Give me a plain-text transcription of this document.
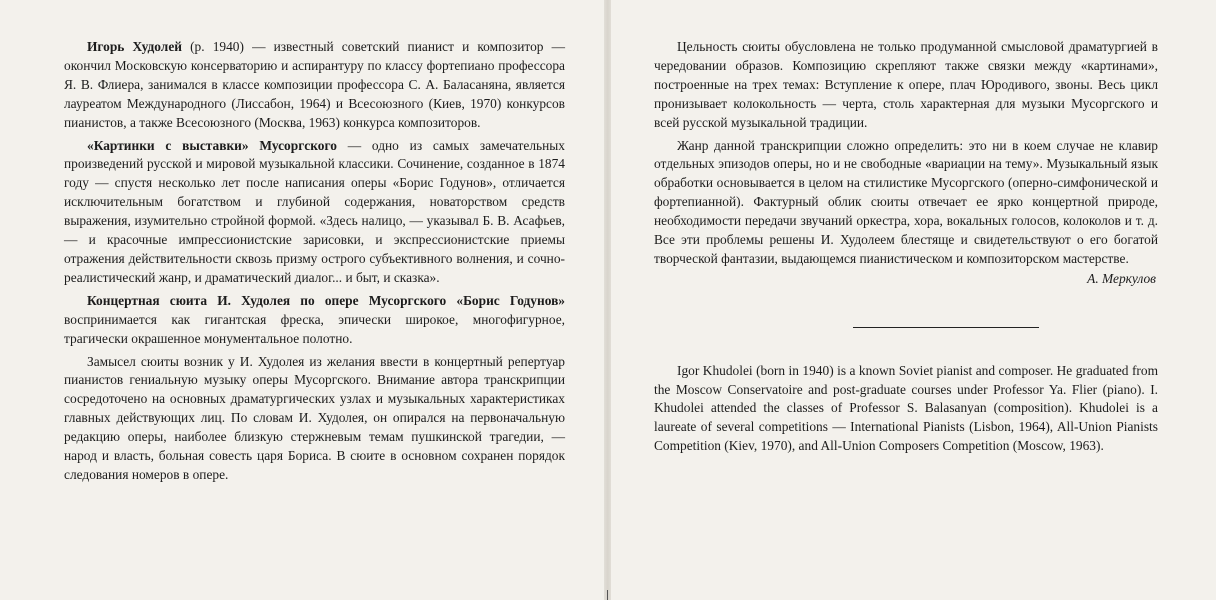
Игорь Худолей (р. 1940) — известный советский пианист и композитор — окончил Московскую консерваторию и аспирантуру по классу фортепиано профессора Я. В. Флиера, занимался в классе композиции профессора С. А. Баласаняна, является лауреатом Международного (Лиссабон, 1964) и Всесоюзного (Киев, 1970) конкурсов пианистов, а также Всесоюзного (Москва, 1963) конкурса композиторов.

«Картинки с выставки» Мусоргского — одно из самых замечательных произведений русской и мировой музыкальной классики. Сочинение, созданное в 1874 году — спустя несколько лет после написания оперы «Борис Годунов», отличается исключительным богатством и глубиной содержания, новаторством средств выражения, изумительно стройной формой. «Здесь налицо, — указывал Б. В. Асафьев, — и красочные импрессионистские зарисовки, и экспрессионистские приемы отражения действительности сквозь призму острого субъективного волнения, и сочно-реалистический жанр, и драматический диалог... и быт, и сказка».

Концертная сюита И. Худолея по опере Мусоргского «Борис Годунов» воспринимается как гигантская фреска, эпически широкое, многофигурное, трагически окрашенное монументальное полотно.

Замысел сюиты возник у И. Худолея из желания ввести в концертный репертуар пианистов гениальную музыку оперы Мусоргского. Внимание автора транскрипции сосредоточено на основных драматургических узлах и музыкальных характеристиках главных действующих лиц. По словам И. Худолея, он опирался на первоначальную редакцию оперы, наиболее близкую стержневым темам пушкинской трагедии, — народ и власть, больная совесть царя Бориса. В сюите в основном сохранен порядок следования номеров в опере.

Цельность сюиты обусловлена не только продуманной смысловой драматургией в чередовании образов. Композицию скрепляют также связки между «картинами», построенные на трех темах: Вступление к опере, плач Юродивого, звоны. Весь цикл пронизывает колокольность — черта, столь характерная для музыки Мусоргского и всей русской музыкальной традиции.

Жанр данной транскрипции сложно определить: это ни в коем случае не клавир отдельных эпизодов оперы, но и не свободные «вариации на тему». Музыкальный язык обработки основывается в целом на стилистике Мусоргского (оперно-симфонической и фортепианной). Фактурный облик сюиты отвечает ее ярко концертной природе, необходимости передачи звучаний оркестра, хора, вокальных голосов, колоколов и т. д. Все эти проблемы решены И. Худолеем блестяще и свидетельствуют о его богатой творческой фантазии, выдающемся пианистическом и композиторском мастерстве.

А. Меркулов

Igor Khudolei (born in 1940) is a known Soviet pianist and composer. He graduated from the Moscow Conservatoire and post-graduate courses under Professor Ya. Flier (piano). I. Khudolei attended the classes of Professor S. Balasanyan (composition). Khudolei is a laureate of several competitions — International Pianists (Lisbon, 1964), All-Union Pianists Competition (Kiev, 1970), and All-Union Composers Competition (Moscow, 1963).
